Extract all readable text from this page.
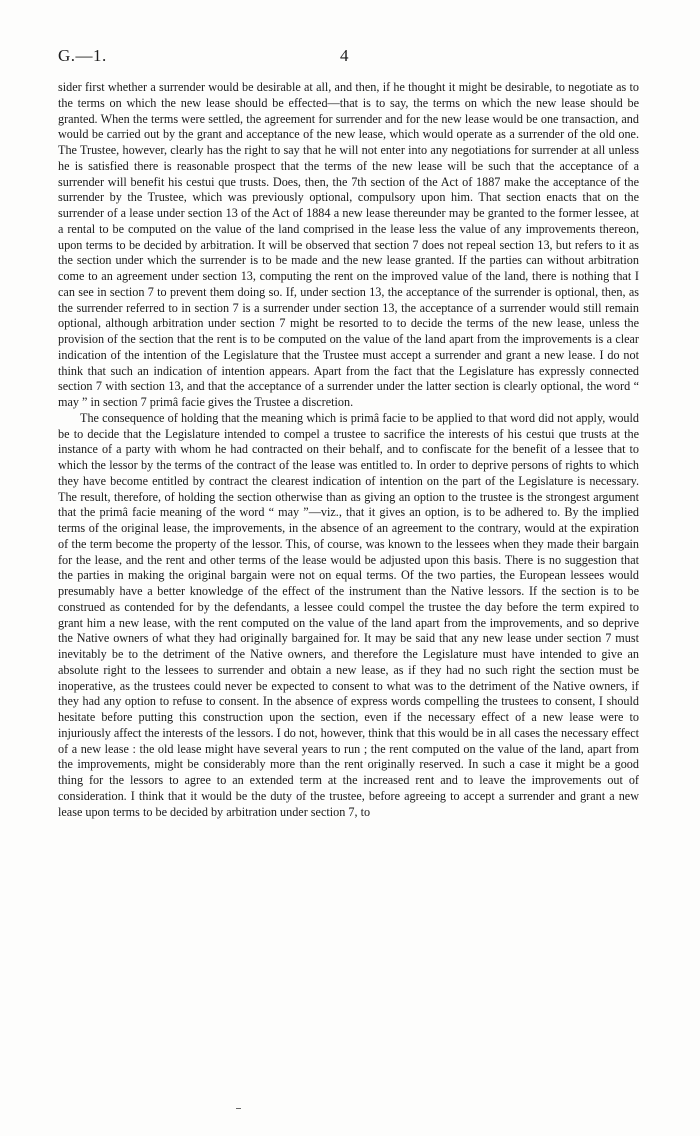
G.—1.	4

sider first whether a surrender would be desirable at all, and then, if he thought it might be desirable, to negotiate as to the terms on which the new lease should be effected—that is to say, the terms on which the new lease should be granted. When the terms were settled, the agreement for surrender and for the new lease would be one transaction, and would be carried out by the grant and acceptance of the new lease, which would operate as a surrender of the old one. The Trustee, however, clearly has the right to say that he will not enter into any negotiations for surrender at all unless he is satisfied there is reasonable prospect that the terms of the new lease will be such that the acceptance of a surrender will benefit his cestui que trusts. Does, then, the 7th section of the Act of 1887 make the acceptance of the surrender by the Trustee, which was previously optional, compulsory upon him. That section enacts that on the surrender of a lease under section 13 of the Act of 1884 a new lease thereunder may be granted to the former lessee, at a rental to be computed on the value of the land comprised in the lease less the value of any improvements thereon, upon terms to be decided by arbitration. It will be observed that section 7 does not repeal section 13, but refers to it as the section under which the surrender is to be made and the new lease granted. If the parties can without arbitration come to an agreement under section 13, computing the rent on the improved value of the land, there is nothing that I can see in section 7 to prevent them doing so. If, under section 13, the acceptance of the surrender is optional, then, as the surrender referred to in section 7 is a surrender under section 13, the acceptance of a surrender would still remain optional, although arbitration under section 7 might be resorted to to decide the terms of the new lease, unless the provision of the section that the rent is to be computed on the value of the land apart from the improvements is a clear indication of the intention of the Legislature that the Trustee must accept a surrender and grant a new lease. I do not think that such an indication of intention appears. Apart from the fact that the Legislature has expressly connected section 7 with section 13, and that the acceptance of a surrender under the latter section is clearly optional, the word “ may ” in section 7 primâ facie gives the Trustee a discretion.

The consequence of holding that the meaning which is primâ facie to be applied to that word did not apply, would be to decide that the Legislature intended to compel a trustee to sacrifice the interests of his cestui que trusts at the instance of a party with whom he had contracted on their behalf, and to confiscate for the benefit of a lessee that to which the lessor by the terms of the contract of the lease was entitled to. In order to deprive persons of rights to which they have become entitled by contract the clearest indication of intention on the part of the Legislature is necessary. The result, therefore, of holding the section otherwise than as giving an option to the trustee is the strongest argument that the primâ facie meaning of the word “ may ”—viz., that it gives an option, is to be adhered to. By the implied terms of the original lease, the improvements, in the absence of an agreement to the contrary, would at the expiration of the term become the property of the lessor. This, of course, was known to the lessees when they made their bargain for the lease, and the rent and other terms of the lease would be adjusted upon this basis. There is no suggestion that the parties in making the original bargain were not on equal terms. Of the two parties, the European lessees would presumably have a better knowledge of the effect of the instrument than the Native lessors. If the section is to be construed as contended for by the defendants, a lessee could compel the trustee the day before the term expired to grant him a new lease, with the rent computed on the value of the land apart from the improvements, and so deprive the Native owners of what they had originally bargained for. It may be said that any new lease under section 7 must inevitably be to the detriment of the Native owners, and therefore the Legislature must have intended to give an absolute right to the lessees to surrender and obtain a new lease, as if they had no such right the section must be inoperative, as the trustees could never be expected to consent to what was to the detriment of the Native owners, if they had any option to refuse to consent. In the absence of express words compelling the trustees to consent, I should hesitate before putting this construction upon the section, even if the necessary effect of a new lease were to injuriously affect the interests of the lessors. I do not, however, think that this would be in all cases the necessary effect of a new lease : the old lease might have several years to run ; the rent computed on the value of the land, apart from the improvements, might be considerably more than the rent originally reserved. In such a case it might be a good thing for the lessors to agree to an extended term at the increased rent and to leave the improvements out of consideration. I think that it would be the duty of the trustee, before agreeing to accept a surrender and grant a new lease upon terms to be decided by arbitration under section 7, to
